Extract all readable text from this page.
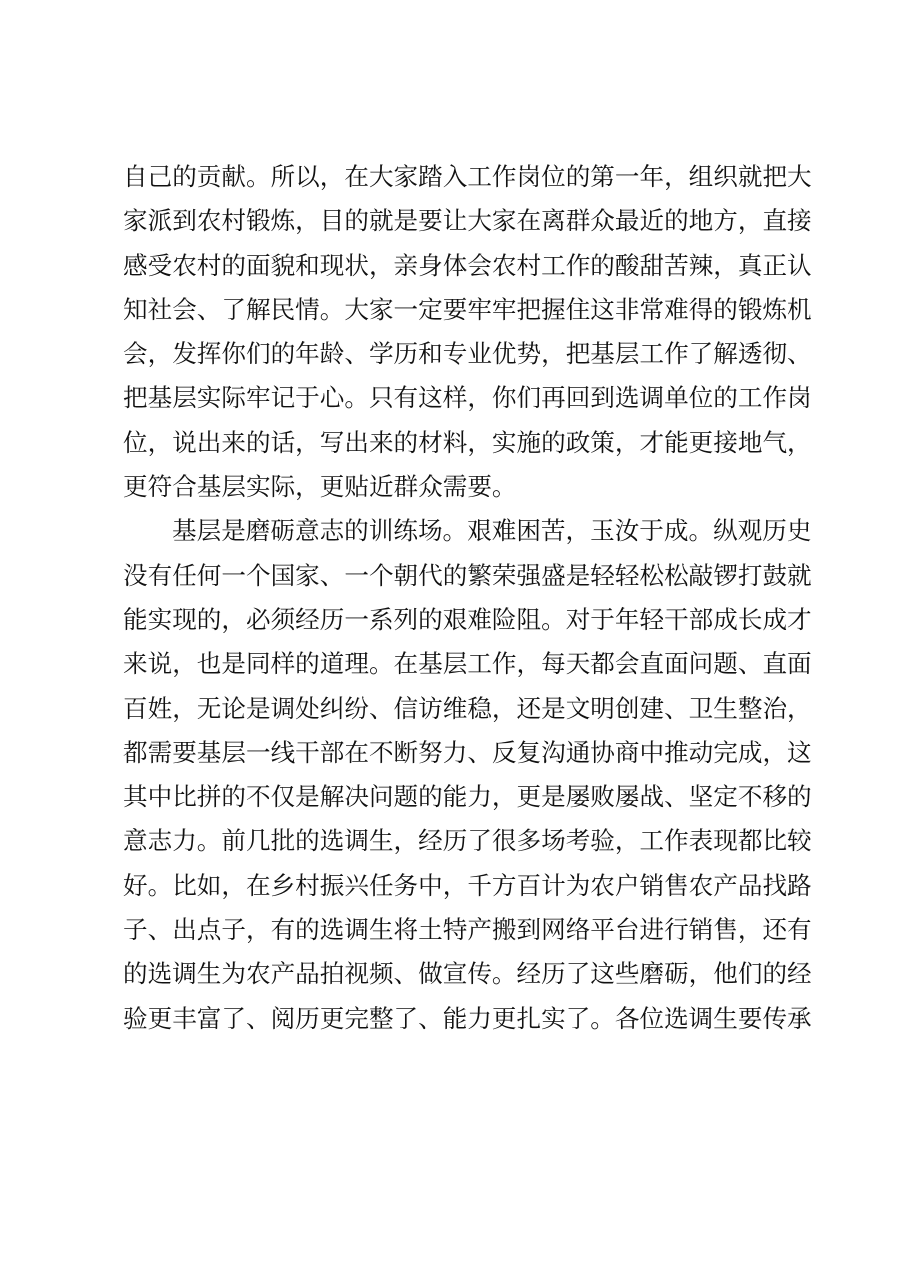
自己的贡献。所以，在大家踏入工作岗位的第一年，组织就把大
家派到农村锻炼，目的就是要让大家在离群众最近的地方，直接
感受农村的面貌和现状，亲身体会农村工作的酸甜苦辣，真正认
知社会、了解民情。大家一定要牢牢把握住这非常难得的锻炼机
会，发挥你们的年龄、学历和专业优势，把基层工作了解透彻、
把基层实际牢记于心。只有这样，你们再回到选调单位的工作岗
位，说出来的话，写出来的材料，实施的政策，才能更接地气，
更符合基层实际，更贴近群众需要。
基层是磨砺意志的训练场。艰难困苦，玉汝于成。纵观历史
没有任何一个国家、一个朝代的繁荣强盛是轻轻松松敲锣打鼓就
能实现的，必须经历一系列的艰难险阻。对于年轻干部成长成才
来说，也是同样的道理。在基层工作，每天都会直面问题、直面
百姓，无论是调处纠纷、信访维稳，还是文明创建、卫生整治，
都需要基层一线干部在不断努力、反复沟通协商中推动完成，这
其中比拼的不仅是解决问题的能力，更是屡败屡战、坚定不移的
意志力。前几批的选调生，经历了很多场考验，工作表现都比较
好。比如，在乡村振兴任务中，千方百计为农户销售农产品找路
子、出点子，有的选调生将土特产搬到网络平台进行销售，还有
的选调生为农产品拍视频、做宣传。经历了这些磨砺，他们的经
验更丰富了、阅历更完整了、能力更扎实了。各位选调生要传承
